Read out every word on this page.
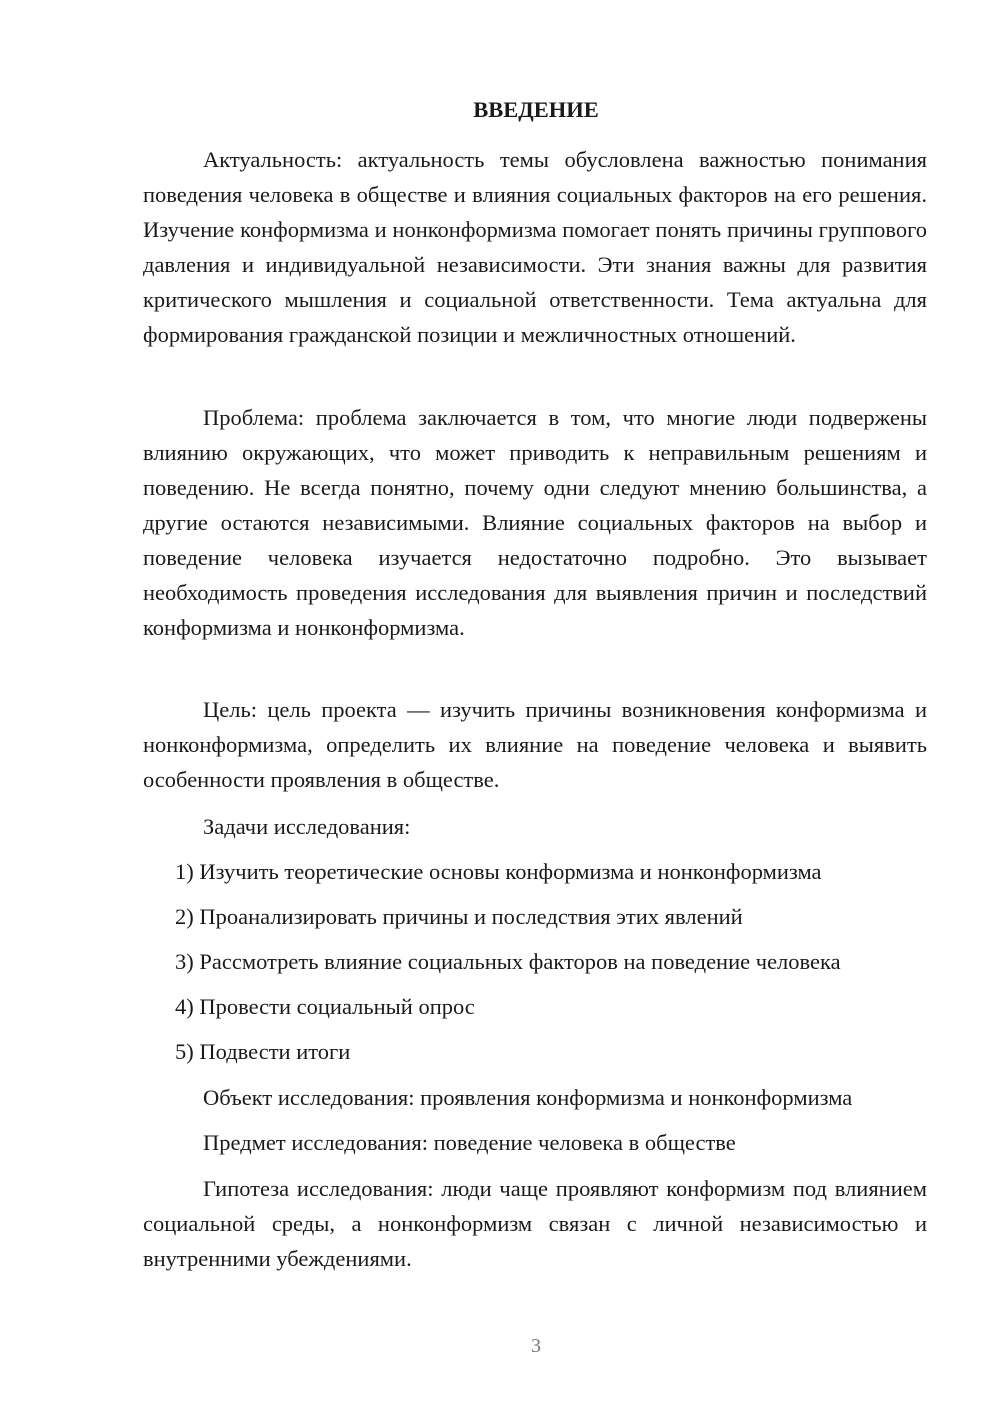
ВВЕДЕНИЕ

Актуальность: актуальность темы обусловлена важностью понимания поведения человека в обществе и влияния социальных факторов на его решения. Изучение конформизма и нонконформизма помогает понять причины группового давления и индивидуальной независимости. Эти знания важны для развития критического мышления и социальной ответственности. Тема актуальна для формирования гражданской позиции и межличностных отношений.

Проблема: проблема заключается в том, что многие люди подвержены влиянию окружающих, что может приводить к неправильным решениям и поведению. Не всегда понятно, почему одни следуют мнению большинства, а другие остаются независимыми. Влияние социальных факторов на выбор и поведение человека изучается недостаточно подробно. Это вызывает необходимость проведения исследования для выявления причин и последствий конформизма и нонконформизма.

Цель: цель проекта — изучить причины возникновения конформизма и нонконформизма, определить их влияние на поведение человека и выявить особенности проявления в обществе.

Задачи исследования:

1) Изучить теоретические основы конформизма и нонконформизма

2) Проанализировать причины и последствия этих явлений

3) Рассмотреть влияние социальных факторов на поведение человека

4) Провести социальный опрос

5) Подвести итоги

Объект исследования: проявления конформизма и нонконформизма

Предмет исследования: поведение человека в обществе

Гипотеза исследования: люди чаще проявляют конформизм под влиянием социальной среды, а нонконформизм связан с личной независимостью и внутренними убеждениями.

3
